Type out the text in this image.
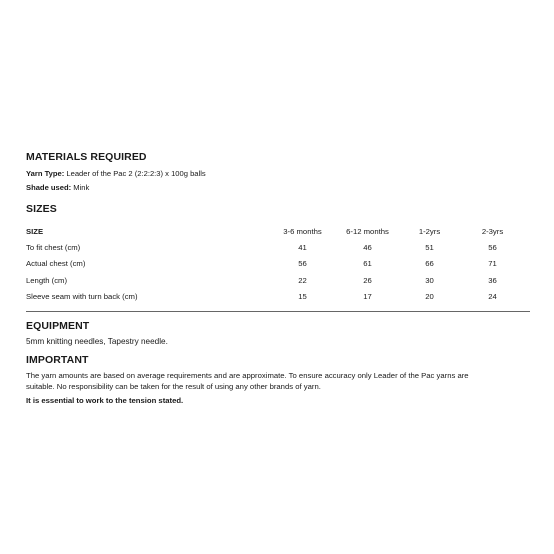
MATERIALS REQUIRED
Yarn Type: Leader of the Pac 2 (2:2:2:3) x 100g balls
Shade used: Mink
SIZES
SIZE	3-6 months	6-12 months	1-2yrs	2-3yrs
To fit chest (cm)	41	46	51	56
Actual chest (cm)	56	61	66	71
Length (cm)	22	26	30	36
Sleeve seam with turn back (cm)	15	17	20	24
EQUIPMENT
5mm knitting needles, Tapestry needle.
IMPORTANT
The yarn amounts are based on average requirements and are approximate. To ensure accuracy only Leader of the Pac yarns are
suitable. No responsibility can be taken for the result of using any other brands of yarn.
It is essential to work to the tension stated.
